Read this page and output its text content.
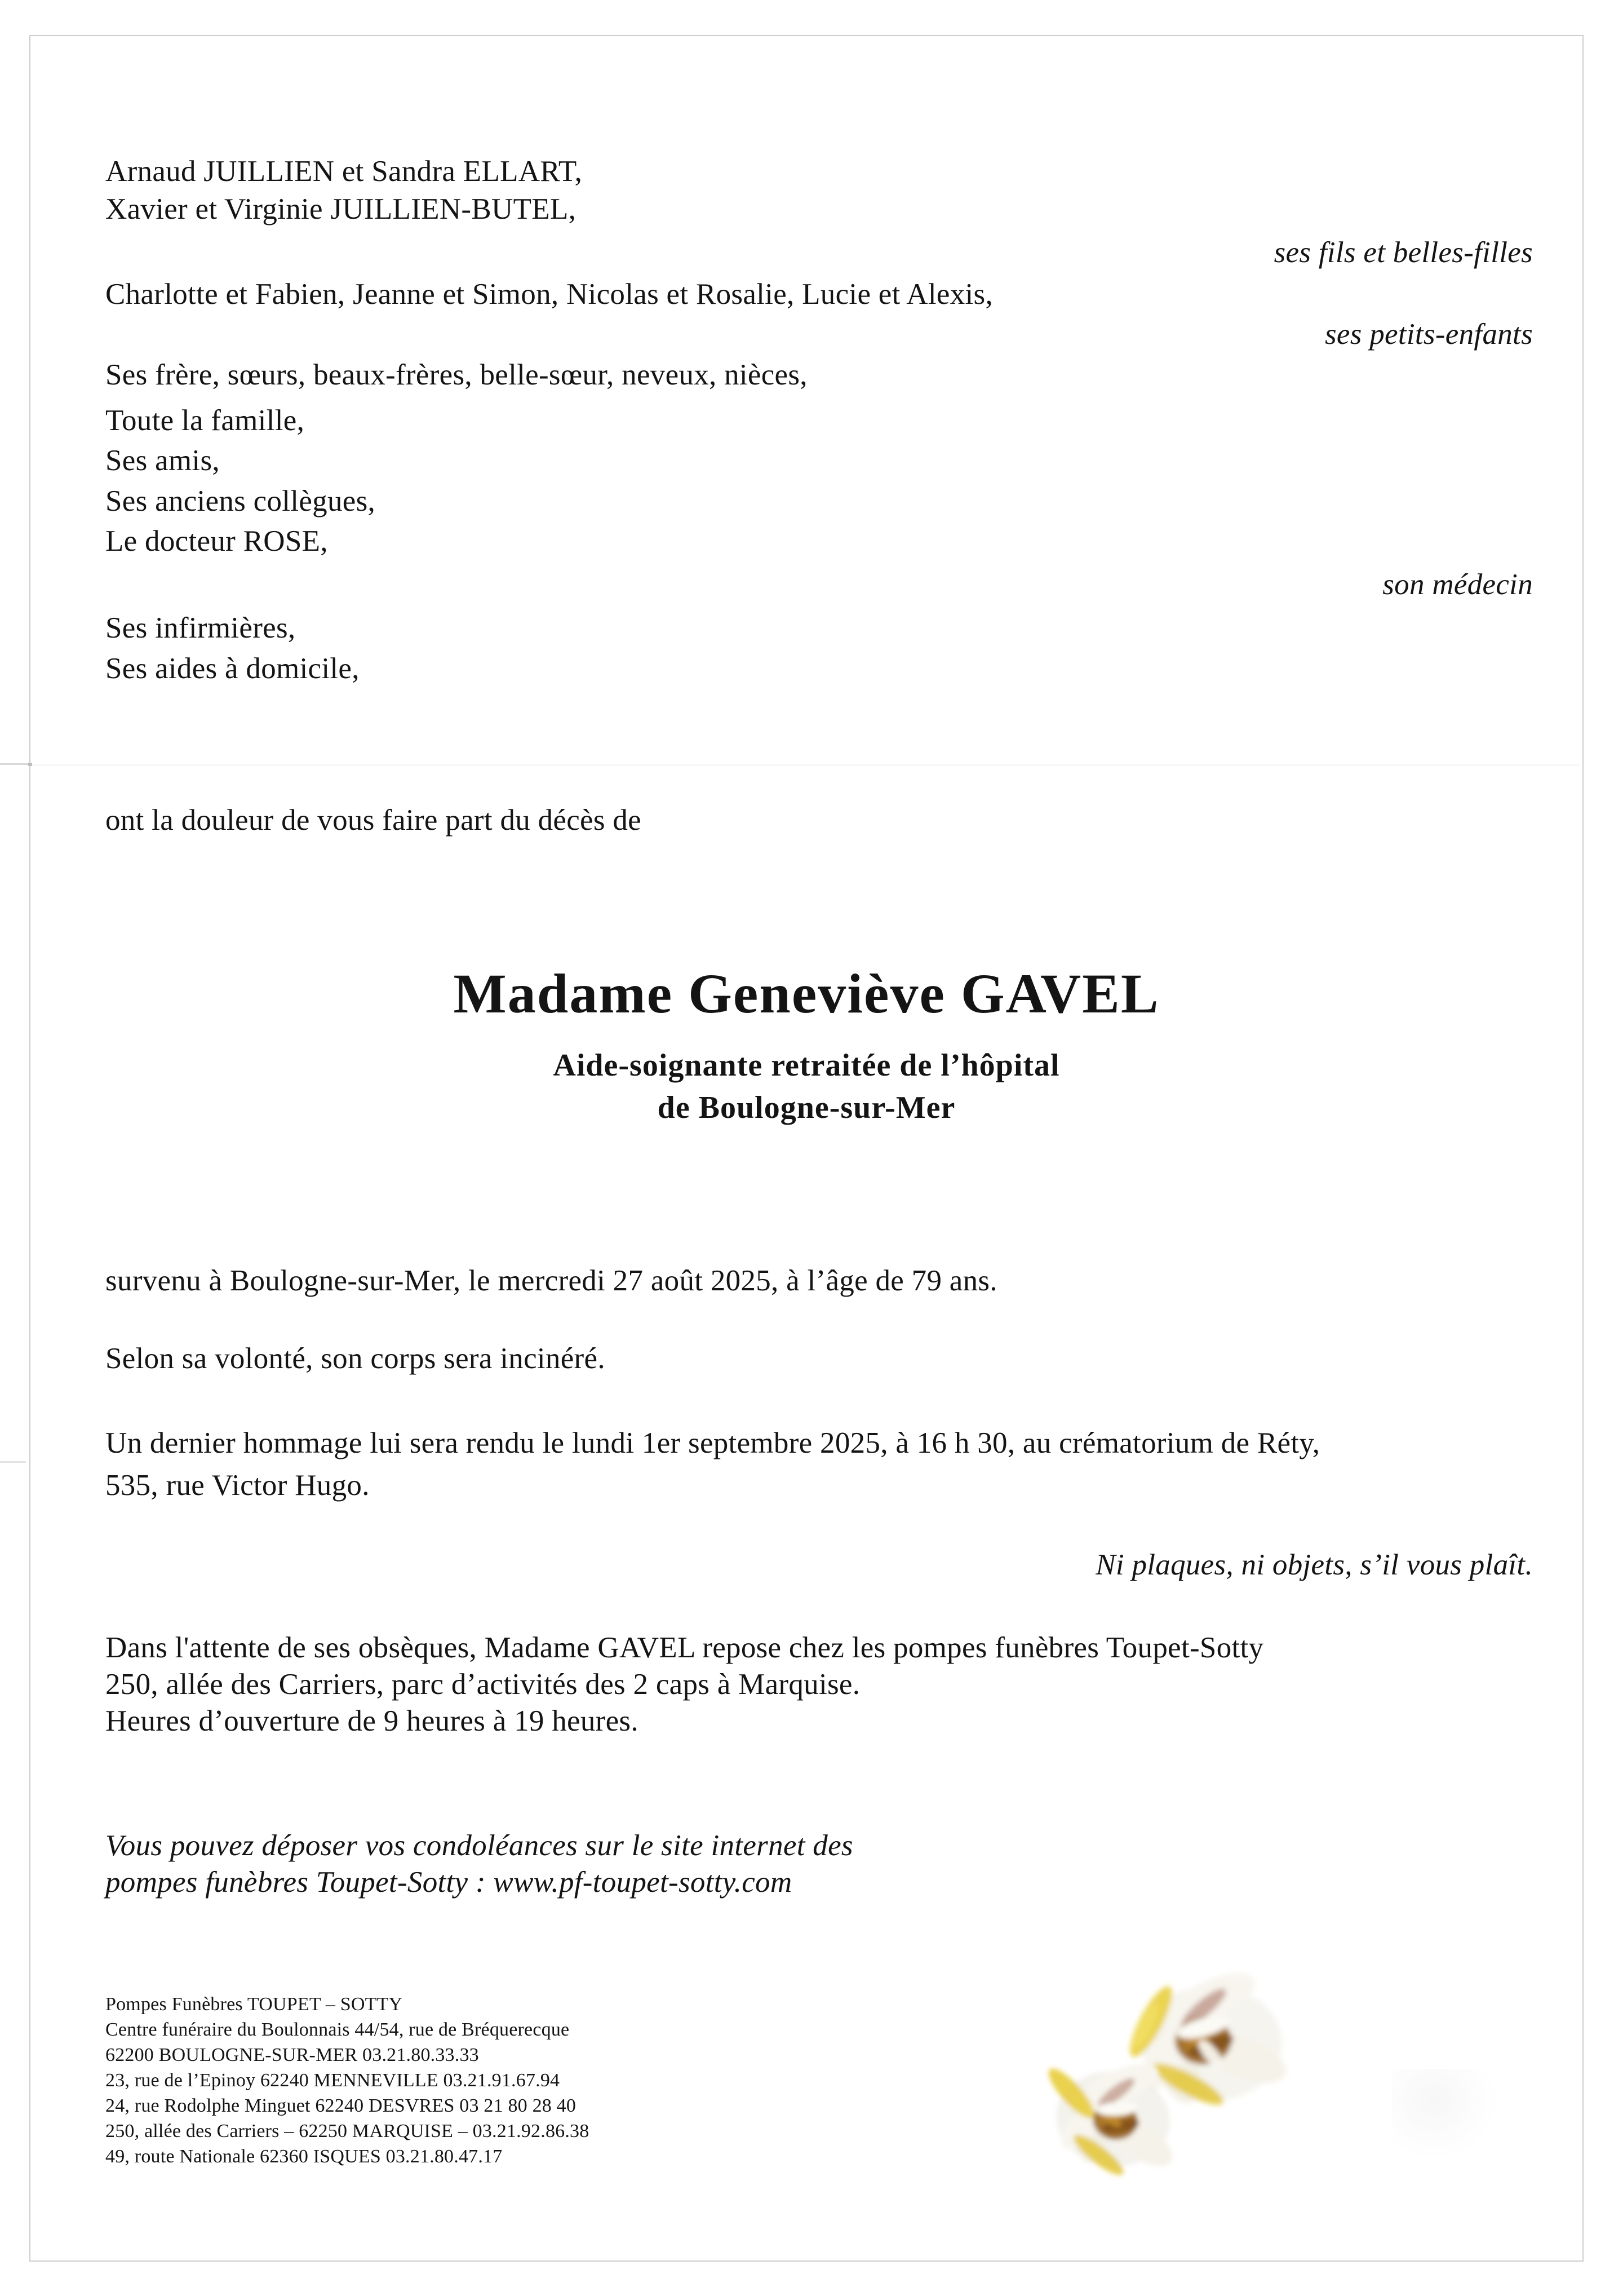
Arnaud JUILLIEN et Sandra ELLART,
Xavier et Virginie JUILLIEN-BUTEL,
ses fils et belles-filles
Charlotte et Fabien, Jeanne et Simon, Nicolas et Rosalie, Lucie et Alexis,
ses petits-enfants
Ses frère, sœurs, beaux-frères, belle-sœur, neveux, nièces,
Toute la famille,
Ses amis,
Ses anciens collègues,
Le docteur ROSE,
son médecin
Ses infirmières,
Ses aides à domicile,
ont la douleur de vous faire part du décès de
Madame Geneviève GAVEL
Aide-soignante retraitée de l’hôpital
de Boulogne-sur-Mer
survenu à Boulogne-sur-Mer, le mercredi 27 août 2025, à l’âge de 79 ans.
Selon sa volonté, son corps sera incinéré.
Un dernier hommage lui sera rendu le lundi 1er septembre 2025, à 16 h 30, au crématorium de Réty,
535, rue Victor Hugo.
Ni plaques, ni objets, s’il vous plaît.
Dans l'attente de ses obsèques, Madame GAVEL repose chez les pompes funèbres Toupet-Sotty
250, allée des Carriers, parc d’activités des 2 caps à Marquise.
Heures d’ouverture de 9 heures à 19 heures.
Vous pouvez déposer vos condoléances sur le site internet des
pompes funèbres Toupet-Sotty : www.pf-toupet-sotty.com
Pompes Funèbres TOUPET – SOTTY
Centre funéraire du Boulonnais 44/54, rue de Bréquerecque
62200 BOULOGNE-SUR-MER 03.21.80.33.33
23, rue de l’Epinoy 62240 MENNEVILLE 03.21.91.67.94
24, rue Rodolphe Minguet 62240 DESVRES 03 21 80 28 40
250, allée des Carriers – 62250 MARQUISE – 03.21.92.86.38
49, route Nationale 62360 ISQUES 03.21.80.47.17
